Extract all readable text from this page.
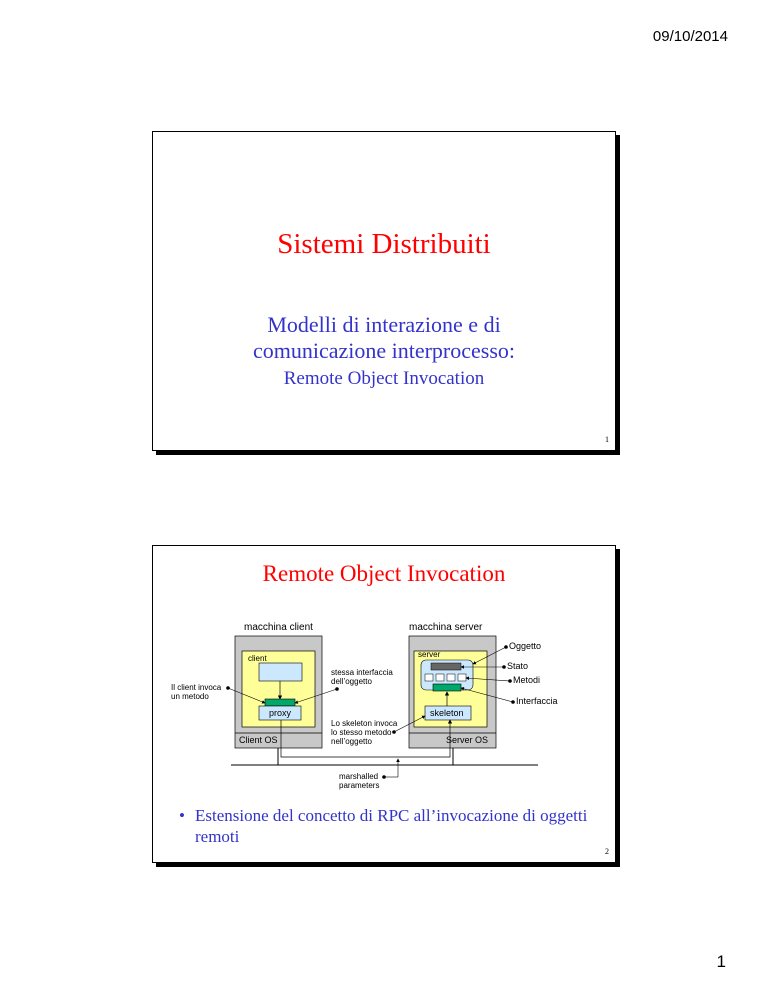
09/10/2014
Sistemi Distribuiti
Modelli di interazione e di
comunicazione interprocesso:
Remote Object Invocation
1
Remote Object Invocation
macchina client	macchina server
client	server
proxy	skeleton
Client OS	Server OS
Il client invoca
un metodo
stessa interfaccia
dell’oggetto
Lo skeleton invoca
lo stesso metodo
nell’oggetto
marshalled
parameters
Oggetto
Stato
Metodi
Interfaccia
• Estensione del concetto di RPC all’invocazione di oggetti remoti
2
1
